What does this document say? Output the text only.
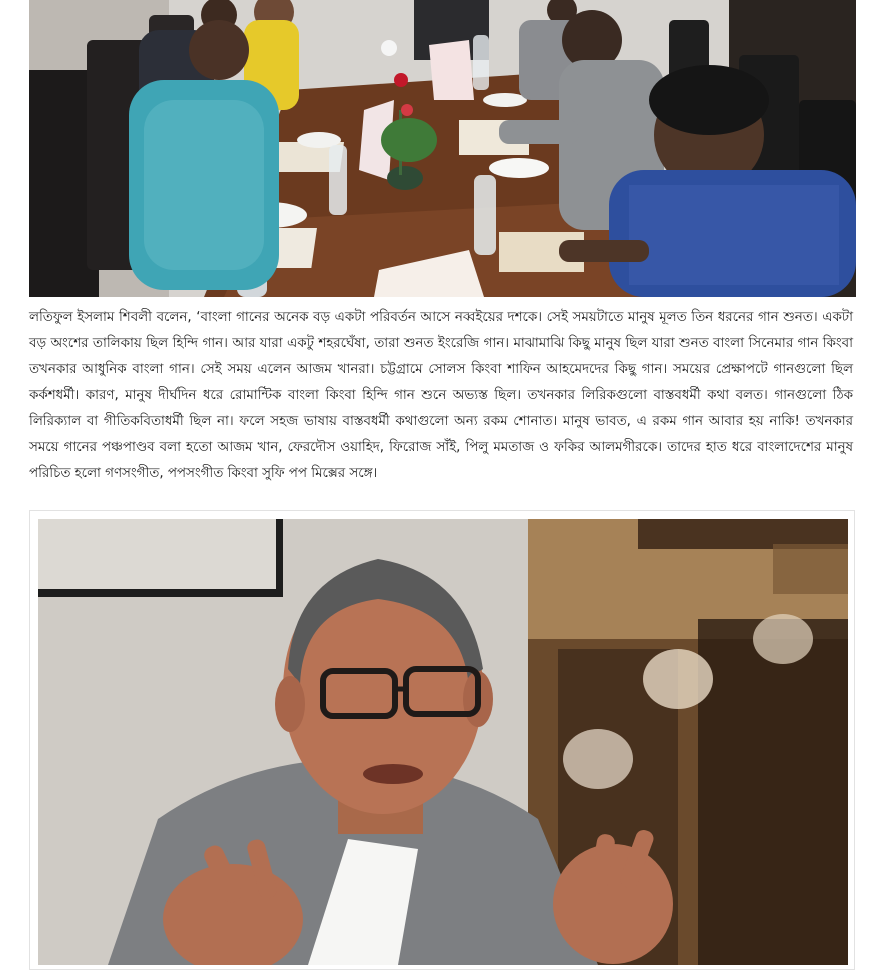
লতিফুল ইসলাম শিবলী বলেন, ‘বাংলা গানের অনেক বড় একটা পরিবর্তন আসে নব্বইয়ের দশকে। সেই সময়টাতে মানুষ মূলত তিন ধরনের গান শুনত। একটা বড় অংশের তালিকায় ছিল হিন্দি গান। আর যারা একটু শহরঘেঁষা, তারা শুনত ইংরেজি গান। মাঝামাঝি কিছু মানুষ ছিল যারা শুনত বাংলা সিনেমার গান কিংবা তখনকার আধুনিক বাংলা গান। সেই সময় এলেন আজম খানরা। চট্টগ্রামে সোলস কিংবা শাফিন আহমেদদের কিছু গান। সময়ের প্রেক্ষাপটে গানগুলো ছিল কর্কশধর্মী। কারণ, মানুষ দীর্ঘদিন ধরে রোমান্টিক বাংলা কিংবা হিন্দি গান শুনে অভ্যস্ত ছিল। তখনকার লিরিকগুলো বাস্তবধর্মী কথা বলত। গানগুলো ঠিক লিরিক্যাল বা গীতিকবিতাধর্মী ছিল না। ফলে সহজ ভাষায় বাস্তবধর্মী কথাগুলো অন্য রকম শোনাত। মানুষ ভাবত, এ রকম গান আবার হয় নাকি! তখনকার সময়ে গানের পঞ্চপাণ্ডব বলা হতো আজম খান, ফেরদৌস ওয়াহিদ, ফিরোজ সাঁই, পিলু মমতাজ ও ফকির আলমগীরকে। তাদের হাত ধরে বাংলাদেশের মানুষ পরিচিত হলো গণসংগীত, পপসংগীত কিংবা সুফি পপ মিক্সের সঙ্গে।
